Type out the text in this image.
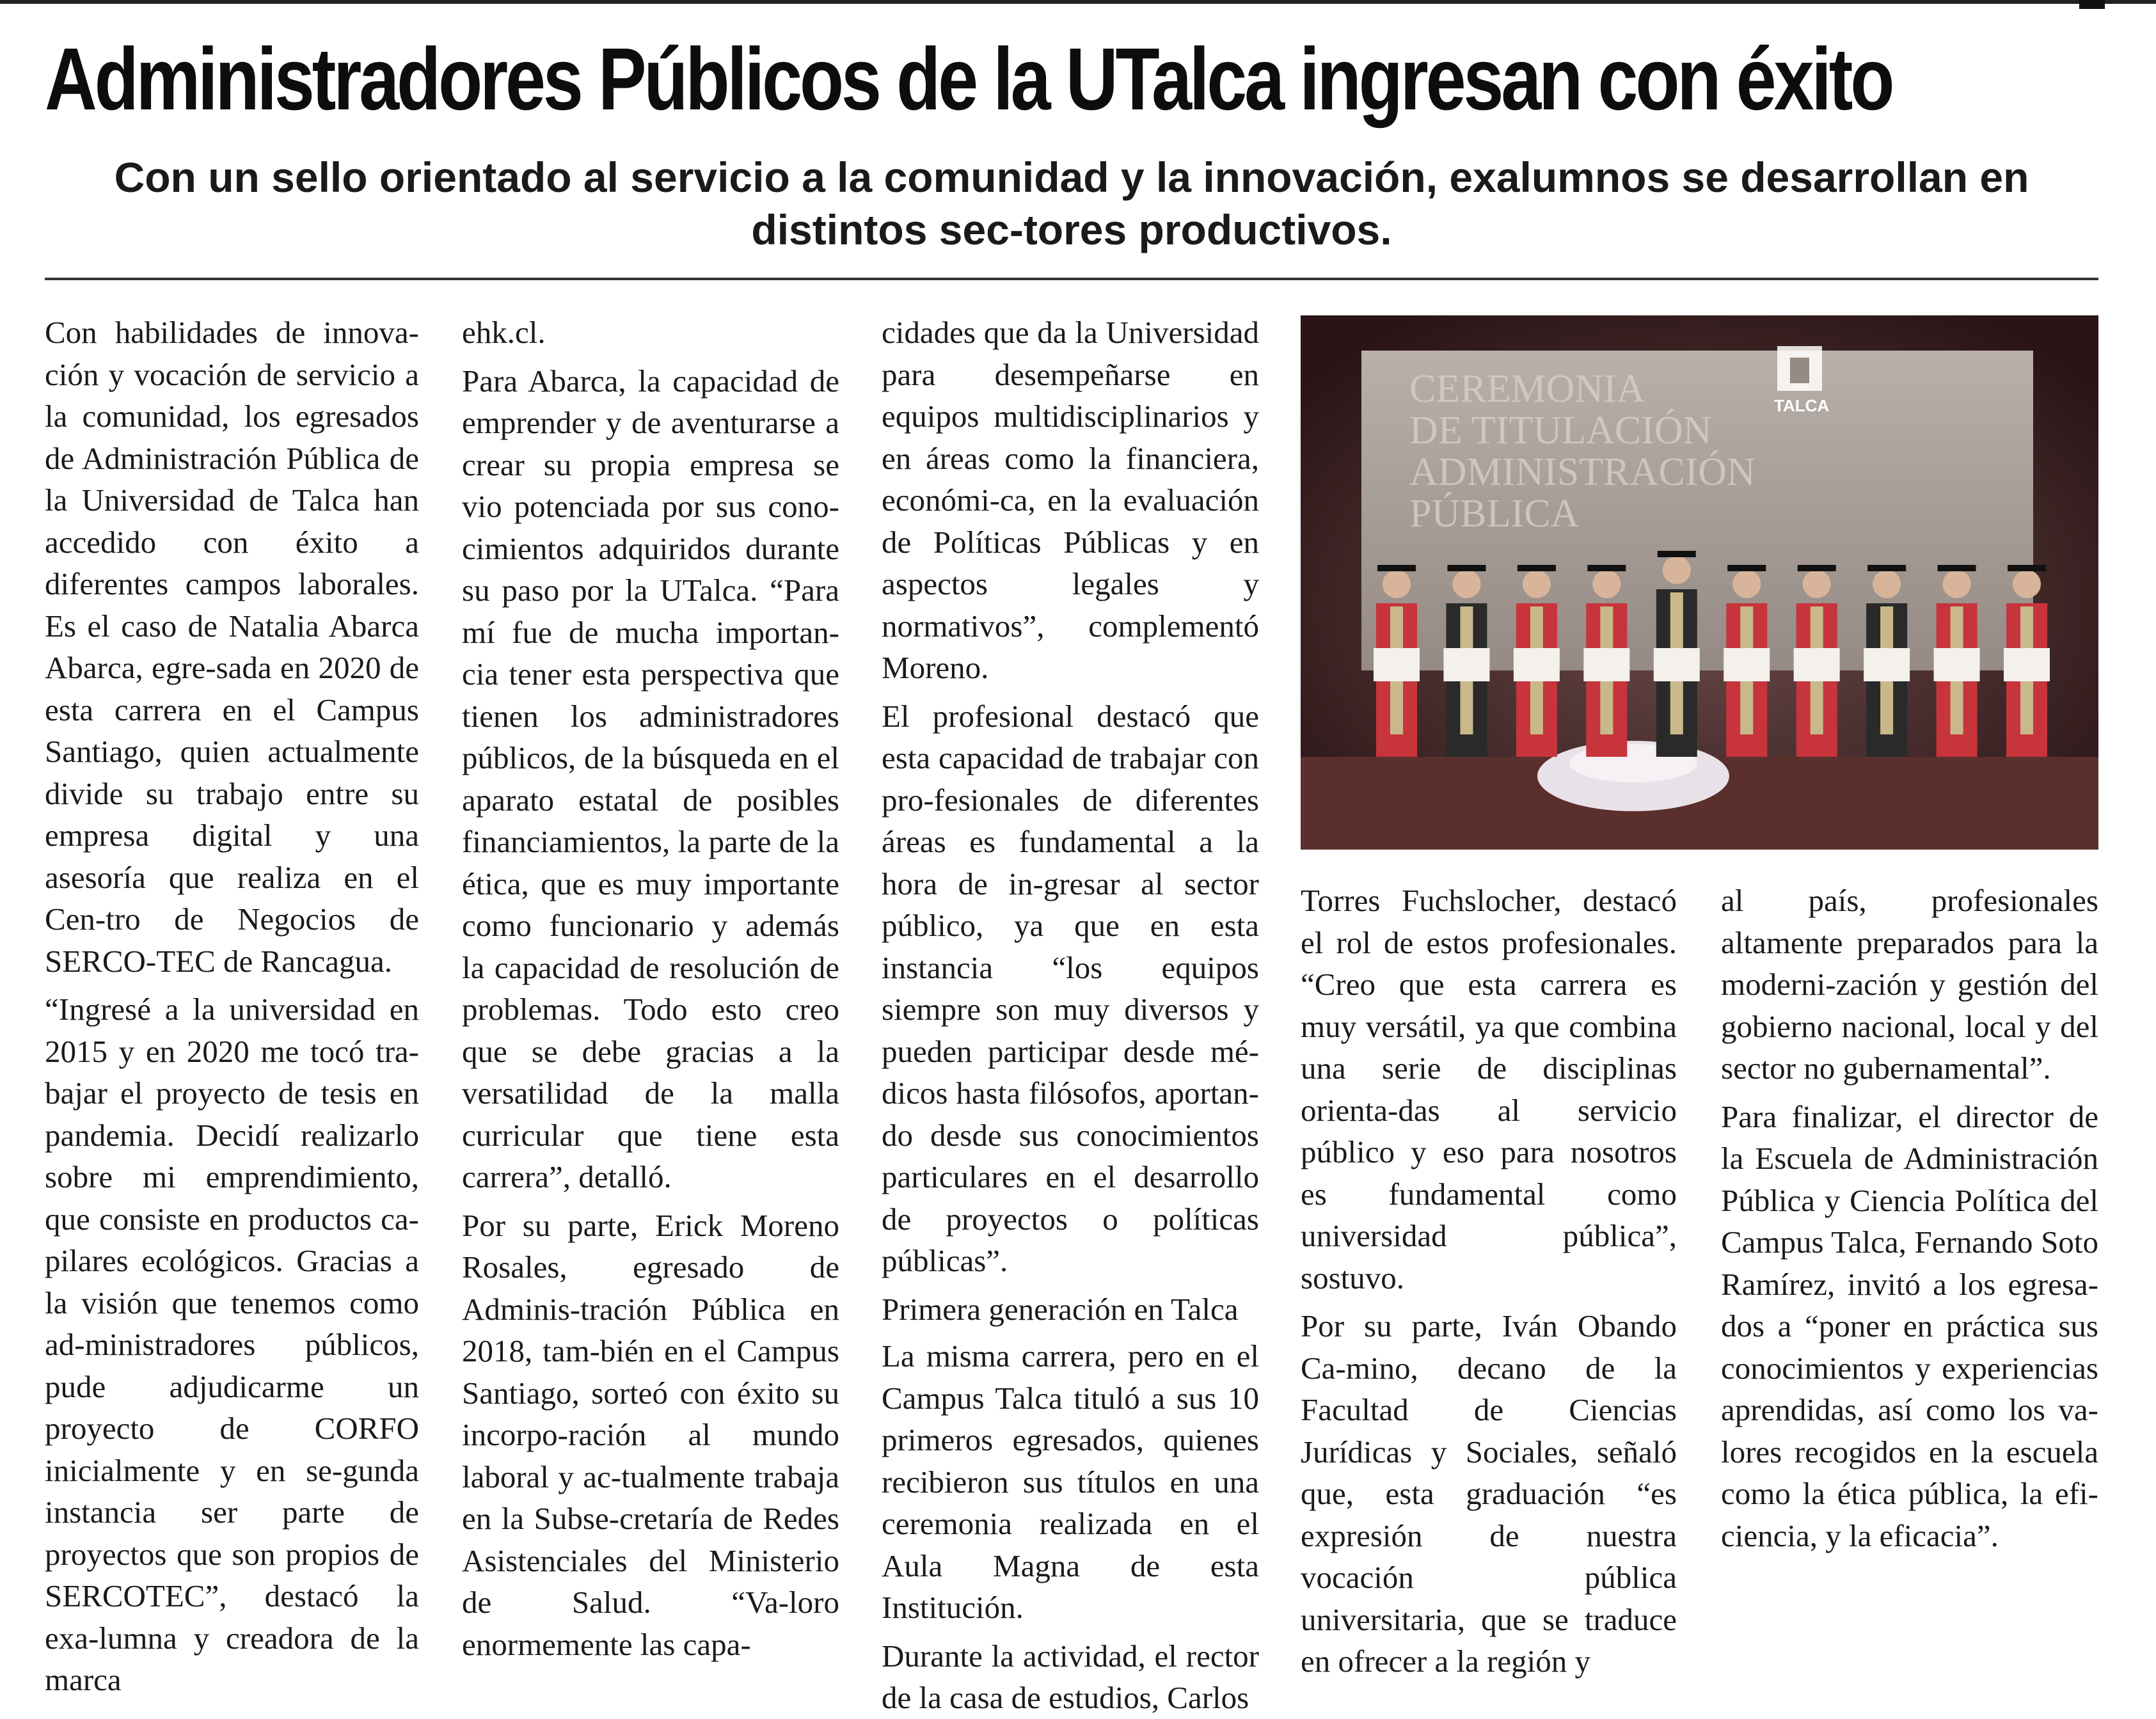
Administradores Públicos de la UTalca ingresan con éxito
Con un sello orientado al servicio a la comunidad y la innovación, exalumnos se desarrollan en distintos sec-tores productivos.

Con habilidades de innova-ción y vocación de servicio a la comunidad, los egresados de Administración Pública de la Universidad de Talca han accedido con éxito a diferentes campos laborales. Es el caso de Natalia Abarca Abarca, egre-sada en 2020 de esta carrera en el Campus Santiago, quien actualmente divide su trabajo entre su empresa digital y una asesoría que realiza en el Cen-tro de Negocios de SERCO-TEC de Rancagua.

“Ingresé a la universidad en 2015 y en 2020 me tocó tra-bajar el proyecto de tesis en pandemia. Decidí realizarlo sobre mi emprendimiento, que consiste en productos ca-pilares ecológicos. Gracias a la visión que tenemos como ad-ministradores públicos, pude adjudicarme un proyecto de CORFO inicialmente y en se-gunda instancia ser parte de proyectos que son propios de SERCOTEC”, destacó la exa-lumna y creadora de la marca

ehk.cl.

Para Abarca, la capacidad de emprender y de aventurarse a crear su propia empresa se vio potenciada por sus cono-cimientos adquiridos durante su paso por la UTalca. “Para mí fue de mucha importan-cia tener esta perspectiva que tienen los administradores públicos, de la búsqueda en el aparato estatal de posibles financiamientos, la parte de la ética, que es muy importante como funcionario y además la capacidad de resolución de problemas. Todo esto creo que se debe gracias a la versatilidad de la malla curricular que tiene esta carrera”, detalló.

Por su parte, Erick Moreno Rosales, egresado de Adminis-tración Pública en 2018, tam-bién en el Campus Santiago, sorteó con éxito su incorpo-ración al mundo laboral y ac-tualmente trabaja en la Subse-cretaría de Redes Asistenciales del Ministerio de Salud. “Va-loro enormemente las capa-

cidades que da la Universidad para desempeñarse en equipos multidisciplinarios y en áreas como la financiera, económi-ca, en la evaluación de Políticas Públicas y en aspectos legales y normativos”, complementó Moreno.

El profesional destacó que esta capacidad de trabajar con pro-fesionales de diferentes áreas es fundamental a la hora de in-gresar al sector público, ya que en esta instancia “los equipos siempre son muy diversos y pueden participar desde mé-dicos hasta filósofos, aportan-do desde sus conocimientos particulares en el desarrollo de proyectos o políticas públicas”.

Primera generación en Talca

La misma carrera, pero en el Campus Talca tituló a sus 10 primeros egresados, quienes recibieron sus títulos en una ceremonia realizada en el Aula Magna de esta Institución.

Durante la actividad, el rector de la casa de estudios, Carlos

CEREMONIA
DE TITULACIÓN
ADMINISTRACIÓN
PÚBLICA
TALCA

Torres Fuchslocher, destacó el rol de estos profesionales. “Creo que esta carrera es muy versátil, ya que combina una serie de disciplinas orienta-das al servicio público y eso para nosotros es fundamental como universidad pública”, sostuvo.

Por su parte, Iván Obando Ca-mino, decano de la Facultad de Ciencias Jurídicas y Sociales, señaló que, esta graduación “es expresión de nuestra vocación pública universitaria, que se traduce en ofrecer a la región y

al país, profesionales altamente preparados para la moderni-zación y gestión del gobierno nacional, local y del sector no gubernamental”.

Para finalizar, el director de la Escuela de Administración Pública y Ciencia Política del Campus Talca, Fernando Soto Ramírez, invitó a los egresa-dos a “poner en práctica sus conocimientos y experiencias aprendidas, así como los va-lores recogidos en la escuela como la ética pública, la efi-ciencia, y la eficacia”.
